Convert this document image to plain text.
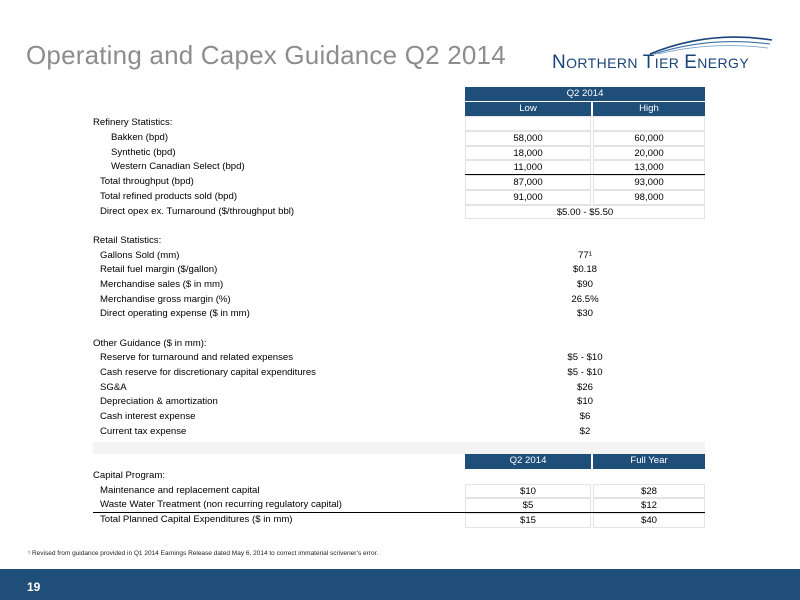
Operating and Capex Guidance Q2 2014 NORTHERN TIER ENERGY
Q2 2014
Low	High
Refinery Statistics:
Bakken (bpd)	58,000	60,000
Synthetic (bpd)	18,000	20,000
Western Canadian Select (bpd)	11,000	13,000
Total throughput (bpd)	87,000	93,000
Total refined products sold (bpd)	91,000	98,000
Direct opex ex. Turnaround ($/throughput bbl)	$5.00 - $5.50
Retail Statistics:
Gallons Sold (mm)	77¹
Retail fuel margin ($/gallon)	$0.18
Merchandise sales ($ in mm)	$90
Merchandise gross margin (%)	26.5%
Direct operating expense ($ in mm)	$30
Other Guidance ($ in mm):
Reserve for turnaround and related expenses	$5 - $10
Cash reserve for discretionary capital expenditures	$5 - $10
SG&A	$26
Depreciation & amortization	$10
Cash interest expense	$6
Current tax expense	$2
Q2 2014	Full Year
Capital Program:
Maintenance and replacement capital	$10	$28
Waste Water Treatment (non recurring regulatory capital)	$5	$12
Total Planned Capital Expenditures ($ in mm)	$15	$40
¹ Revised from guidance provided in Q1 2014 Earnings Release dated May 6, 2014 to correct immaterial scrivener’s error.
19
